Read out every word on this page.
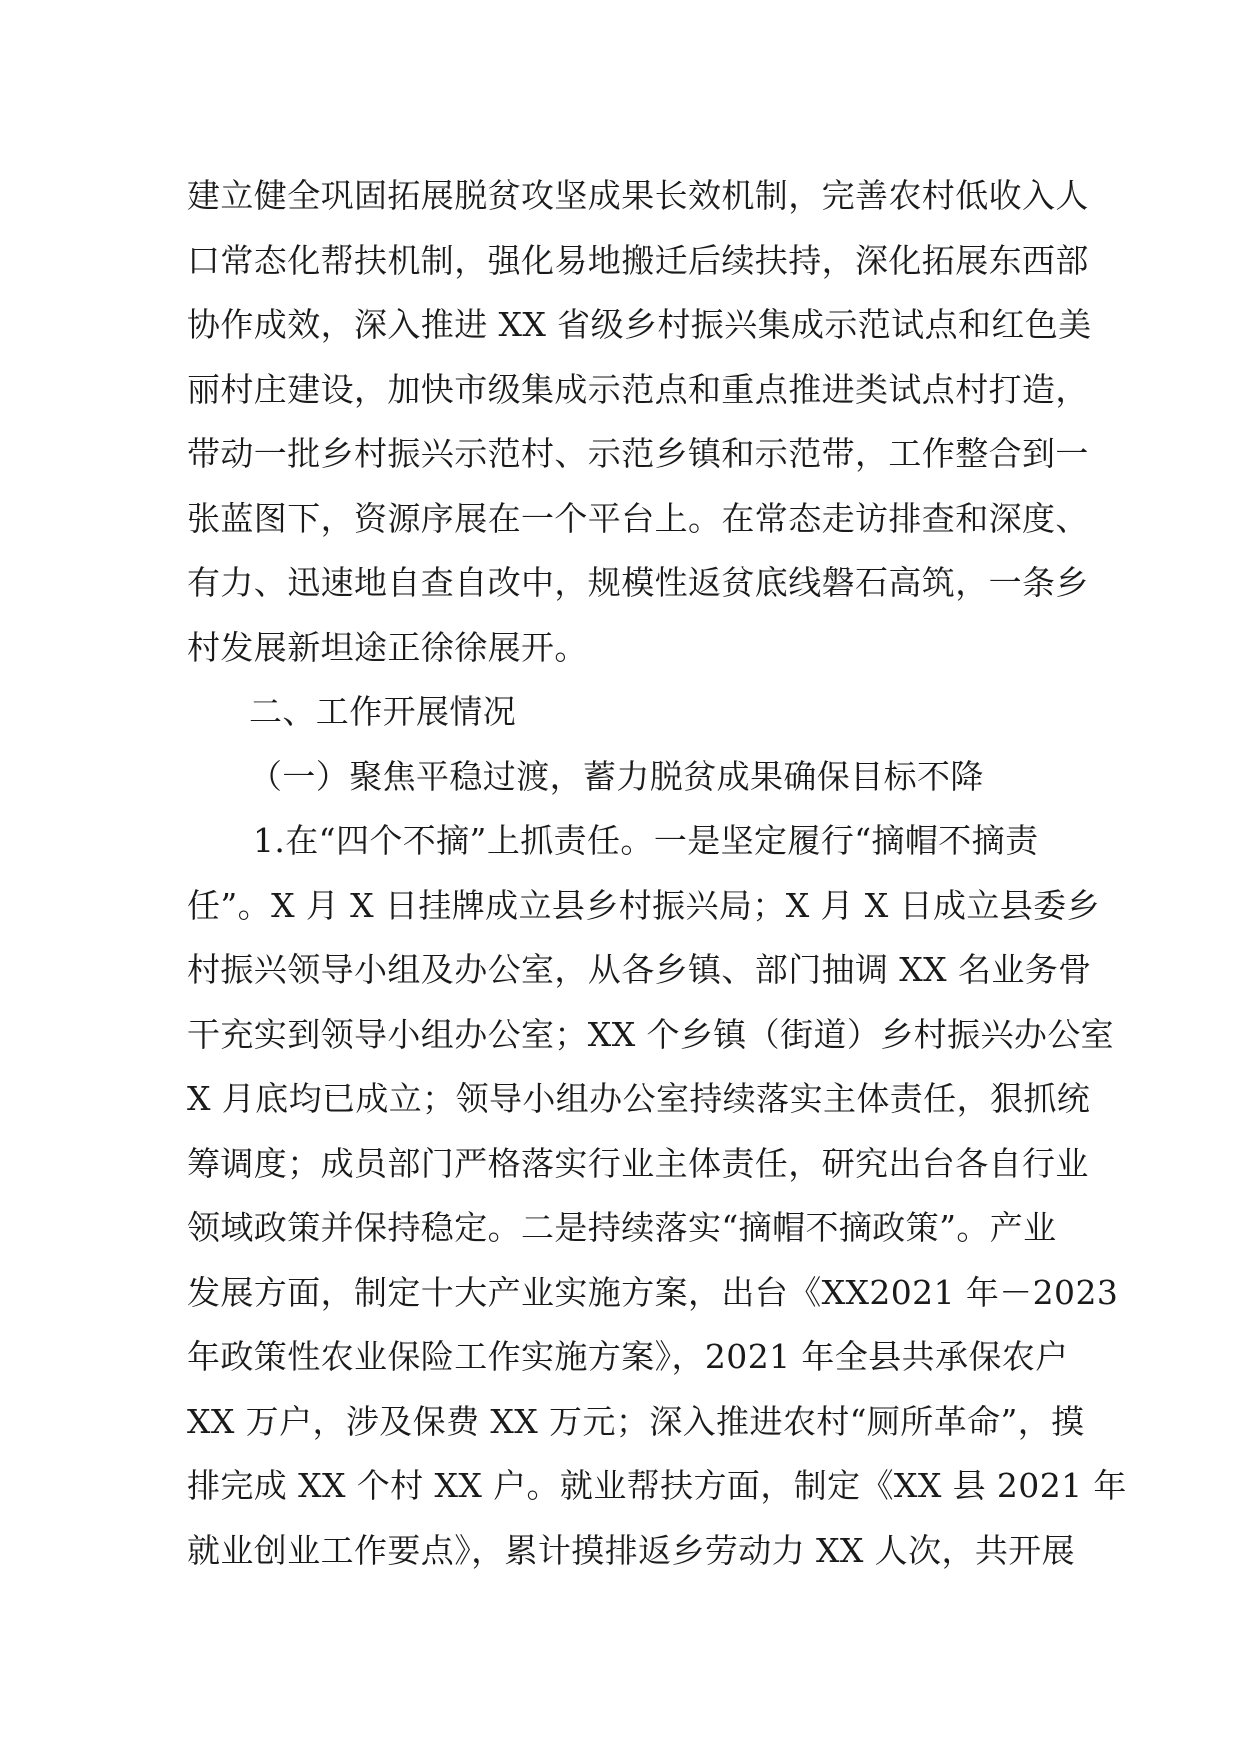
建立健全巩固拓展脱贫攻坚成果长效机制，完善农村低收入人
口常态化帮扶机制，强化易地搬迁后续扶持，深化拓展东西部
协作成效，深入推进 XX 省级乡村振兴集成示范试点和红色美
丽村庄建设，加快市级集成示范点和重点推进类试点村打造，
带动一批乡村振兴示范村、示范乡镇和示范带，工作整合到一
张蓝图下，资源序展在一个平台上。在常态走访排查和深度、
有力、迅速地自查自改中，规模性返贫底线磐石高筑，一条乡
村发展新坦途正徐徐展开。
二、工作开展情况
（一）聚焦平稳过渡，蓄力脱贫成果确保目标不降
1.在“四个不摘”上抓责任。一是坚定履行“摘帽不摘责
任”。X 月 X 日挂牌成立县乡村振兴局；X 月 X 日成立县委乡
村振兴领导小组及办公室，从各乡镇、部门抽调 XX 名业务骨
干充实到领导小组办公室；XX 个乡镇（街道）乡村振兴办公室
X 月底均已成立；领导小组办公室持续落实主体责任，狠抓统
筹调度；成员部门严格落实行业主体责任，研究出台各自行业
领域政策并保持稳定。二是持续落实“摘帽不摘政策”。产业
发展方面，制定十大产业实施方案，出台《XX2021 年－2023
年政策性农业保险工作实施方案》，2021 年全县共承保农户
XX 万户，涉及保费 XX 万元；深入推进农村“厕所革命”，摸
排完成 XX 个村 XX 户。就业帮扶方面，制定《XX 县 2021 年
就业创业工作要点》，累计摸排返乡劳动力 XX 人次，共开展
